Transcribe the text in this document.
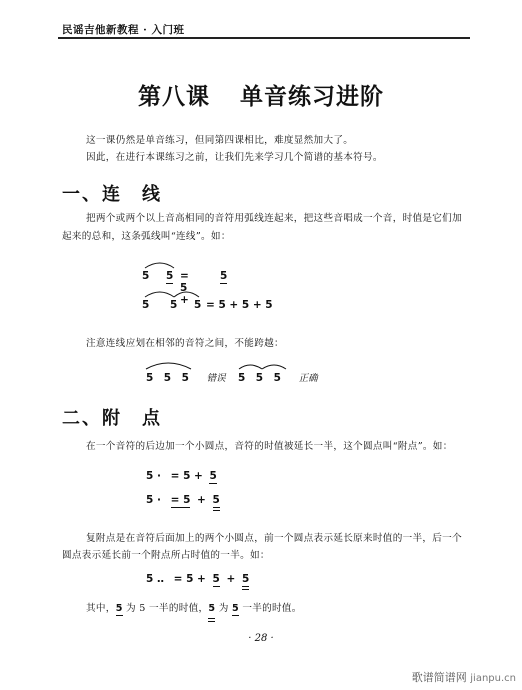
民谣吉他新教程 · 入门班
第八课 单音练习进阶
这一课仍然是单音练习，但同第四课相比，难度显然加大了。
因此，在进行本课练习之前，让我们先来学习几个简谱的基本符号。
一、连　线
把两个或两个以上音高相同的音符用弧线连起来，把这些音唱成一个音，时值是它们加
起来的总和，这条弧线叫“连线”。如：
5 5 = 5 +
5
5 5 5 = 5 + 5 + 5
注意连线应划在相邻的音符之间，不能跨越：
5　5　5 错误 5　5　5 正确
二、附　点
在一个音符的后边加一个小圆点，音符的时值被延长一半，这个圆点叫“附点”。如：
5 · = 5 + 5
5 · = 5 + 5
复附点是在音符后面加上的两个小圆点，前一个圆点表示延长原来时值的一半，后一个
圆点表示延长前一个附点所占时值的一半。如：
5 ‥ = 5 + 5 + 5
其中，5 为 5 一半的时值，5 为 5 一半的时值。
· 28 ·
歌谱简谱网 jianpu.cn
